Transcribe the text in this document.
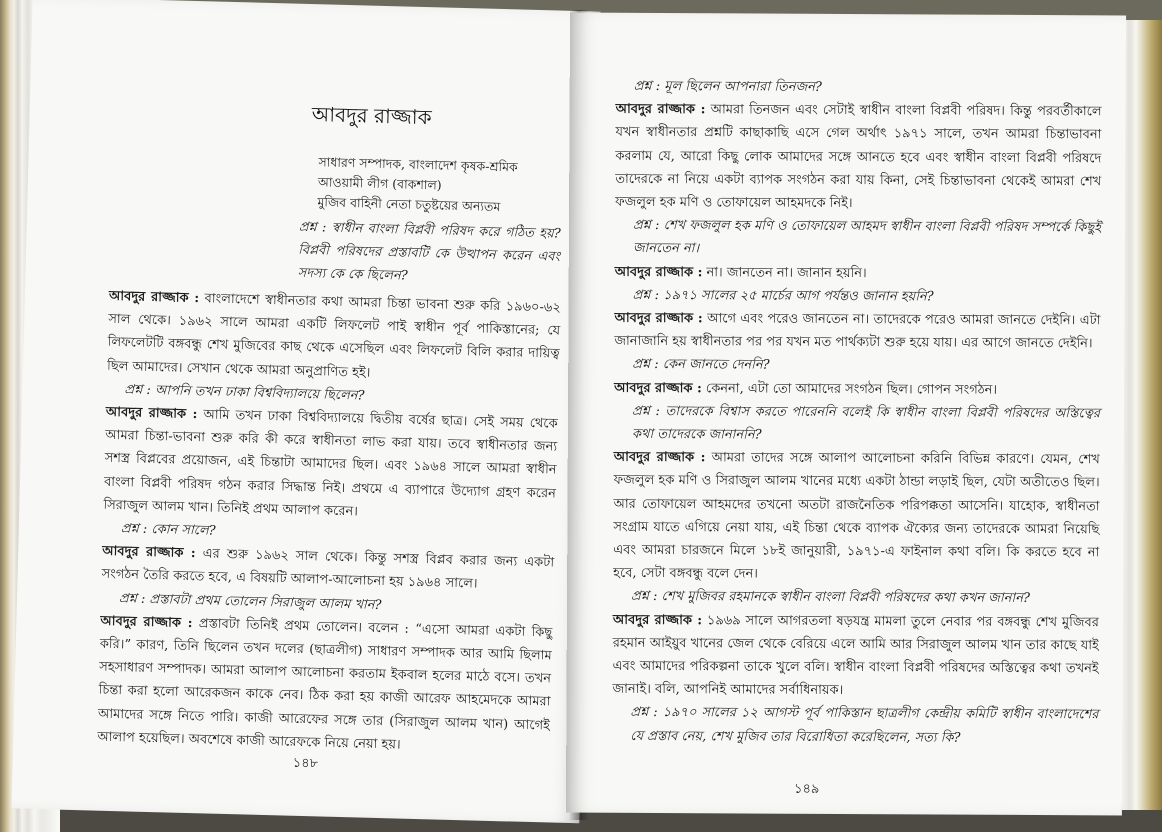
আবদুর রাজ্জাক
সাধারণ সম্পাদক, বাংলাদেশ কৃষক-শ্রমিক
আওয়ামী লীগ (বাকশাল)
মুজিব বাহিনী নেতা চতুষ্টয়ের অন্যতম
প্রশ্ন : স্বাধীন বাংলা বিপ্লবী পরিষদ করে গঠিত হয়? বিপ্লবী পরিষদের প্রস্তাবটি কে উত্থাপন করেন এবং সদস্য কে কে ছিলেন?

আবদুর রাজ্জাক : বাংলাদেশে স্বাধীনতার কথা আমরা চিন্তা ভাবনা শুরু করি ১৯৬০-৬২ সাল থেকে। ১৯৬২ সালে আমরা একটি লিফলেট পাই স্বাধীন পূর্ব পাকিস্তানের; যে লিফলেটটি বঙ্গবন্ধু শেখ মুজিবের কাছ থেকে এসেছিল এবং লিফলেট বিলি করার দায়িত্ব ছিল আমাদের। সেখান থেকে আমরা অনুপ্রাণিত হই।

প্রশ্ন : আপনি তখন ঢাকা বিশ্ববিদ্যালয়ে ছিলেন?

আবদুর রাজ্জাক : আমি তখন ঢাকা বিশ্ববিদ্যালয়ে দ্বিতীয় বর্ষের ছাত্র। সেই সময় থেকে আমরা চিন্তা-ভাবনা শুরু করি কী করে স্বাধীনতা লাভ করা যায়। তবে স্বাধীনতার জন্য সশস্ত্র বিপ্লবের প্রয়োজন, এই চিন্তাটা আমাদের ছিল। এবং ১৯৬৪ সালে আমরা স্বাধীন বাংলা বিপ্লবী পরিষদ গঠন করার সিদ্ধান্ত নিই। প্রথমে এ ব্যাপারে উদ্যোগ গ্রহণ করেন সিরাজুল আলম খান। তিনিই প্রথম আলাপ করেন।

প্রশ্ন : কোন সালে?

আবদুর রাজ্জাক : এর শুরু ১৯৬২ সাল থেকে। কিন্তু সশস্ত্র বিপ্লব করার জন্য একটা সংগঠন তৈরি করতে হবে, এ বিষয়টি আলাপ-আলোচনা হয় ১৯৬৪ সালে।

প্রশ্ন : প্রস্তাবটা প্রথম তোলেন সিরাজুল আলম খান?

আবদুর রাজ্জাক : প্রস্তাবটা তিনিই প্রথম তোলেন। বলেন : “এসো আমরা একটা কিছু করি।” কারণ, তিনি ছিলেন তখন দলের (ছাত্রলীগ) সাধারণ সম্পাদক আর আমি ছিলাম সহসাধারণ সম্পাদক। আমরা আলাপ আলোচনা করতাম ইকবাল হলের মাঠে বসে। তখন চিন্তা করা হলো আরেকজন কাকে নেব। ঠিক করা হয় কাজী আরেফ আহমেদকে আমরা আমাদের সঙ্গে নিতে পারি। কাজী আরেফের সঙ্গে তার (সিরাজুল আলম খান) আগেই আলাপ হয়েছিল। অবশেষে কাজী আরেফকে নিয়ে নেয়া হয়।

১৪৮

প্রশ্ন : মূল ছিলেন আপনারা তিনজন?

আবদুর রাজ্জাক : আমরা তিনজন এবং সেটাই স্বাধীন বাংলা বিপ্লবী পরিষদ। কিন্তু পরবর্তীকালে যখন স্বাধীনতার প্রশ্নটি কাছাকাছি এসে গেল অর্থাৎ ১৯৭১ সালে, তখন আমরা চিন্তাভাবনা করলাম যে, আরো কিছু লোক আমাদের সঙ্গে আনতে হবে এবং স্বাধীন বাংলা বিপ্লবী পরিষদে তাদেরকে না নিয়ে একটা ব্যাপক সংগঠন করা যায় কিনা, সেই চিন্তাভাবনা থেকেই আমরা শেখ ফজলুল হক মণি ও তোফায়েল আহমদকে নিই।

প্রশ্ন : শেখ ফজলুল হক মণি ও তোফায়েল আহমদ স্বাধীন বাংলা বিপ্লবী পরিষদ সম্পর্কে কিছুই জানতেন না।

আবদুর রাজ্জাক : না। জানতেন না। জানান হয়নি।

প্রশ্ন : ১৯৭১ সালের ২৫ মার্চের আগ পর্যন্তও জানান হয়নি?

আবদুর রাজ্জাক : আগে এবং পরেও জানতেন না। তাদেরকে পরেও আমরা জানতে দেইনি। এটা জানাজানি হয় স্বাধীনতার পর পর যখন মত পার্থক্যটা শুরু হয়ে যায়। এর আগে জানতে দেইনি।

প্রশ্ন : কেন জানতে দেননি?

আবদুর রাজ্জাক : কেননা, এটা তো আমাদের সংগঠন ছিল। গোপন সংগঠন।

প্রশ্ন : তাদেরকে বিশ্বাস করতে পারেননি বলেই কি স্বাধীন বাংলা বিপ্লবী পরিষদের অস্তিত্বের কথা তাদেরকে জানাননি?

আবদুর রাজ্জাক : আমরা তাদের সঙ্গে আলাপ আলোচনা করিনি বিভিন্ন কারণে। যেমন, শেখ ফজলুল হক মণি ও সিরাজুল আলম খানের মধ্যে একটা ঠান্ডা লড়াই ছিল, যেটা অতীতেও ছিল। আর তোফায়েল আহমদের তখনো অতটা রাজনৈতিক পরিপক্কতা আসেনি। যাহোক, স্বাধীনতা সংগ্রাম যাতে এগিয়ে নেয়া যায়, এই চিন্তা থেকে ব্যাপক ঐক্যের জন্য তাদেরকে আমরা নিয়েছি এবং আমরা চারজনে মিলে ১৮ই জানুয়ারী, ১৯৭১-এ ফাইনাল কথা বলি। কি করতে হবে না হবে, সেটা বঙ্গবন্ধু বলে দেন।

প্রশ্ন : শেখ মুজিবর রহমানকে স্বাধীন বাংলা বিপ্লবী পরিষদের কথা কখন জানান?

আবদুর রাজ্জাক : ১৯৬৯ সালে আগরতলা ষড়যন্ত্র মামলা তুলে নেবার পর বঙ্গবন্ধু শেখ মুজিবর রহমান আইয়ুব খানের জেল থেকে বেরিয়ে এলে আমি আর সিরাজুল আলম খান তার কাছে যাই এবং আমাদের পরিকল্পনা তাকে খুলে বলি। স্বাধীন বাংলা বিপ্লবী পরিষদের অস্তিত্বের কথা তখনই জানাই। বলি, আপনিই আমাদের সর্বাধিনায়ক।

প্রশ্ন : ১৯৭০ সালের ১২ আগস্ট পূর্ব পাকিস্তান ছাত্রলীগ কেন্দ্রীয় কমিটি স্বাধীন বাংলাদেশের যে প্রস্তাব নেয়, শেখ মুজিব তার বিরোধিতা করেছিলেন, সত্য কি?

১৪৯
